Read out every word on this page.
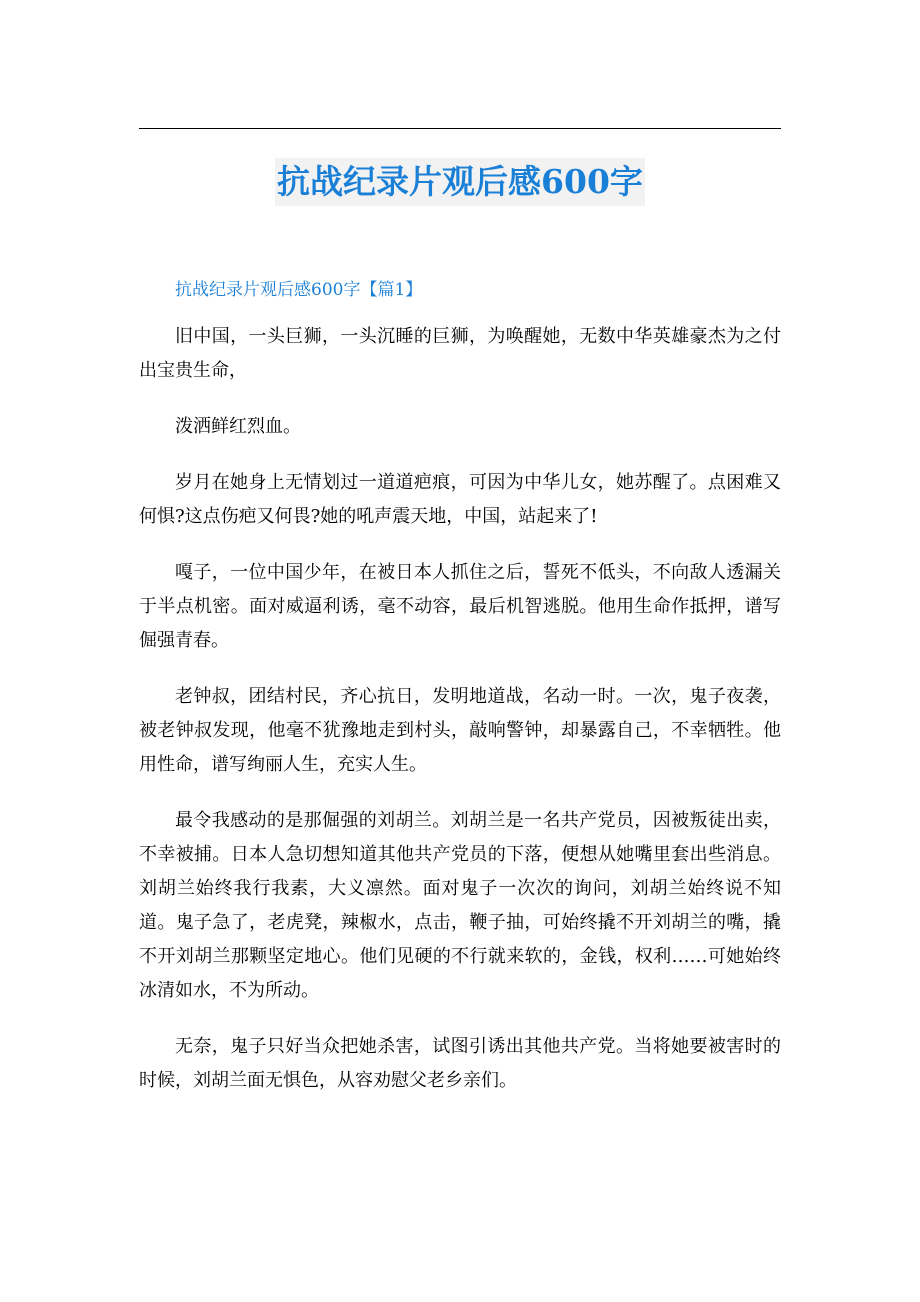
抗战纪录片观后感600字

抗战纪录片观后感600字【篇1】

旧中国，一头巨狮，一头沉睡的巨狮，为唤醒她，无数中华英雄豪杰为之付出宝贵生命，

泼洒鲜红烈血。

岁月在她身上无情划过一道道疤痕，可因为中华儿女，她苏醒了。点困难又何惧?这点伤疤又何畏?她的吼声震天地，中国，站起来了!

嘎子，一位中国少年，在被日本人抓住之后，誓死不低头，不向敌人透漏关于半点机密。面对威逼利诱，毫不动容，最后机智逃脱。他用生命作抵押，谱写倔强青春。

老钟叔，团结村民，齐心抗日，发明地道战，名动一时。一次，鬼子夜袭，被老钟叔发现，他毫不犹豫地走到村头，敲响警钟，却暴露自己，不幸牺牲。他用性命，谱写绚丽人生，充实人生。

最令我感动的是那倔强的刘胡兰。刘胡兰是一名共产党员，因被叛徒出卖，不幸被捕。日本人急切想知道其他共产党员的下落，便想从她嘴里套出些消息。刘胡兰始终我行我素，大义凛然。面对鬼子一次次的询问，刘胡兰始终说不知道。鬼子急了，老虎凳，辣椒水，点击，鞭子抽，可始终撬不开刘胡兰的嘴，撬不开刘胡兰那颗坚定地心。他们见硬的不行就来软的，金钱，权利……可她始终冰清如水，不为所动。

无奈，鬼子只好当众把她杀害，试图引诱出其他共产党。当将她要被害时的时候，刘胡兰面无惧色，从容劝慰父老乡亲们。
